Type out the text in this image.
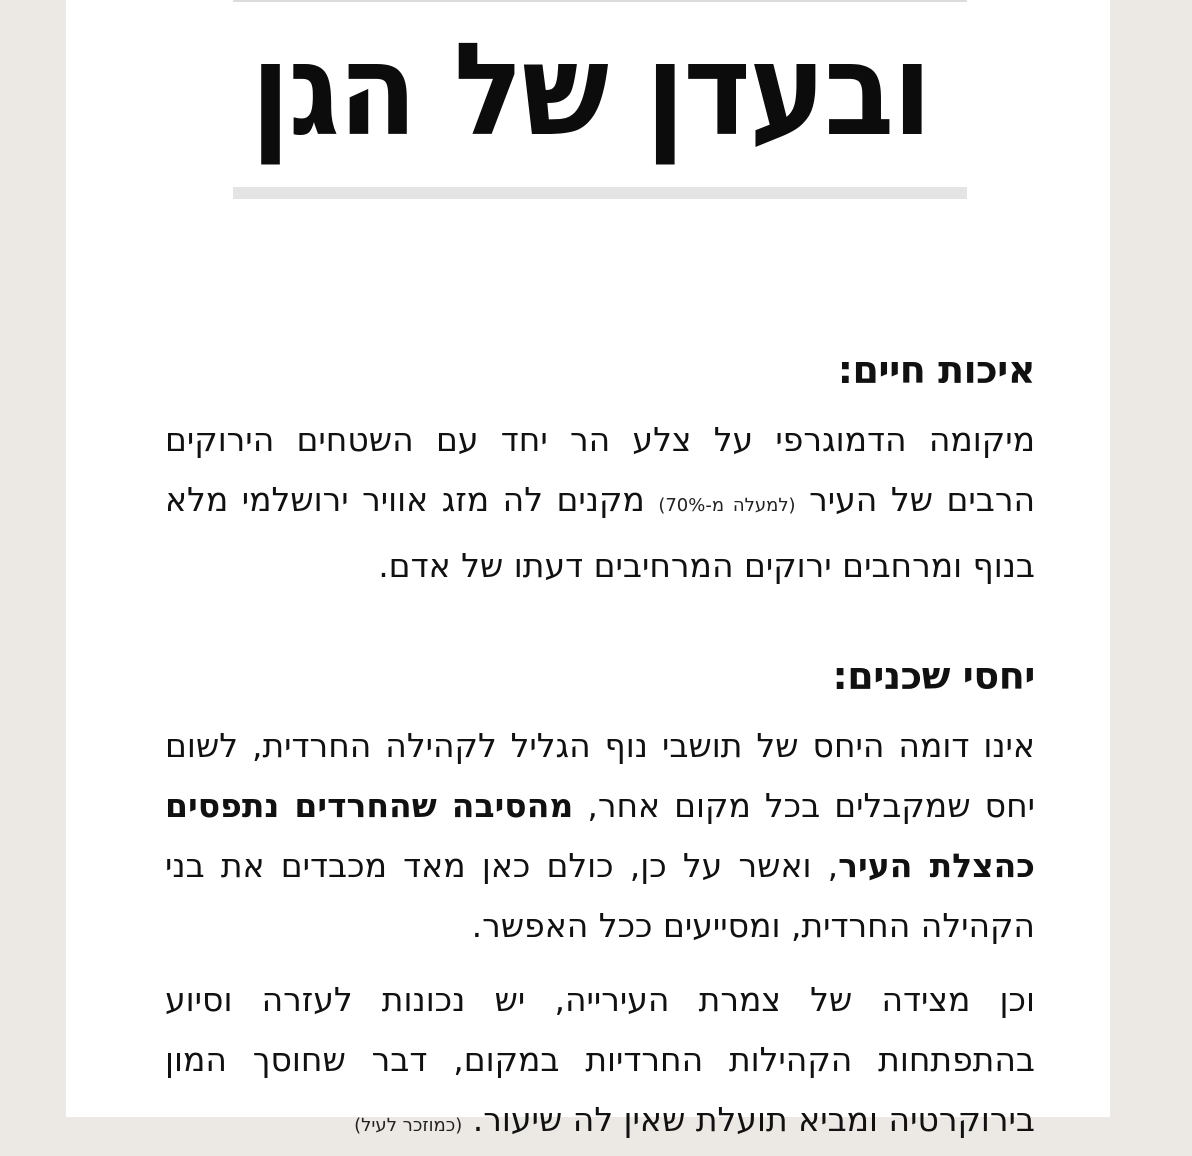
ובעדן של הגן
איכות חיים:

מיקומה הדמוגרפי על צלע הר יחד עם השטחים הירוקים הרבים של העיר (למעלה מ-70%) מקנים לה מזג אוויר ירושלמי מלא בנוף ומרחבים ירוקים המרחיבים דעתו של אדם.

יחסי שכנים:

אינו דומה היחס של תושבי נוף הגליל לקהילה החרדית, לשום יחס שמקבלים בכל מקום אחר, מהסיבה שהחרדים נתפסים כהצלת העיר, ואשר על כן, כולם כאן מאד מכבדים את בני הקהילה החרדית, ומסייעים ככל האפשר.

וכן מצידה של צמרת העירייה, יש נכונות לעזרה וסיוע בהתפתחות הקהילות החרדיות במקום, דבר שחוסך המון בירוקרטיה ומביא תועלת שאין לה שיעור. (כמוזכר לעיל)
